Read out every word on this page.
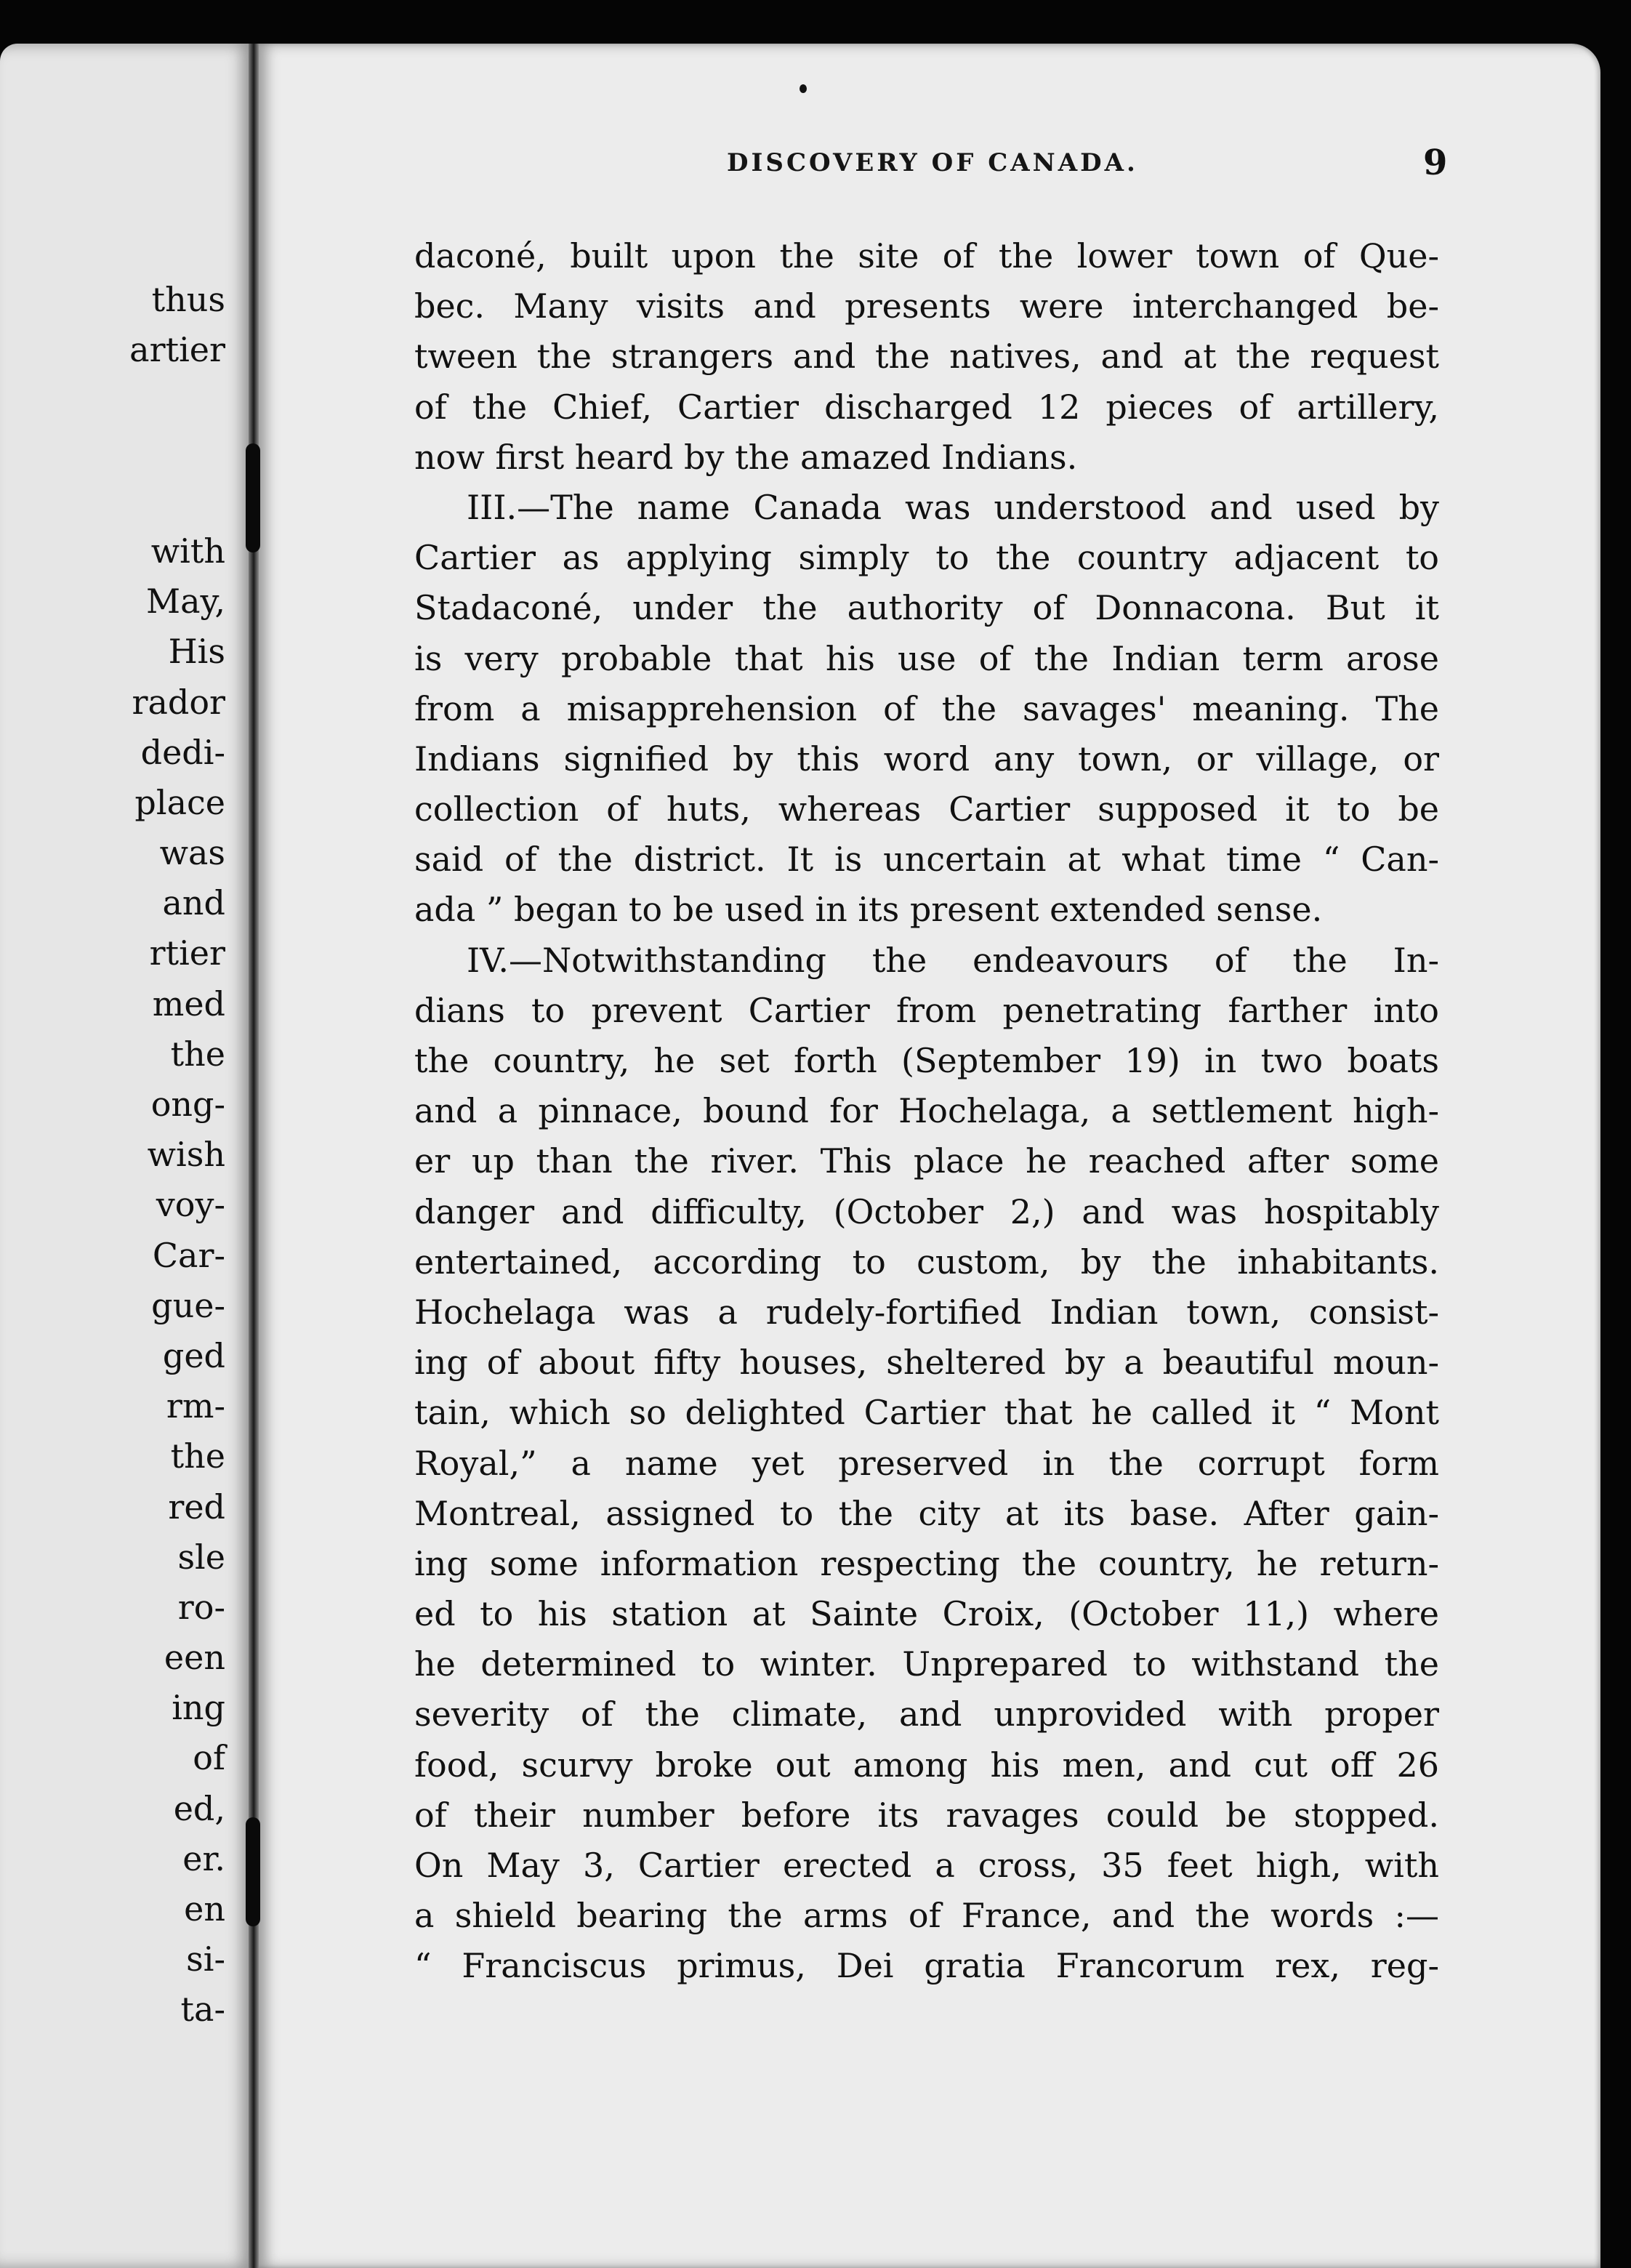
thus
artier
with
May,
His
rador
dedi-
place
was
and
rtier
med
the
ong-
wish
voy-
Car-
gue-
ged
rm-
the
red
sle
ro-
een
ing
of
ed,
er.
en
si-
ta-
DISCOVERY OF CANADA.	9
daconé, built upon the site of the lower town of Que-
bec. Many visits and presents were interchanged be-
tween the strangers and the natives, and at the request
of the Chief, Cartier discharged 12 pieces of artillery,
now first heard by the amazed Indians.
III.—The name Canada was understood and used by
Cartier as applying simply to the country adjacent to
Stadaconé, under the authority of Donnacona. But it
is very probable that his use of the Indian term arose
from a misapprehension of the savages' meaning. The
Indians signified by this word any town, or village, or
collection of huts, whereas Cartier supposed it to be
said of the district. It is uncertain at what time “ Can-
ada ” began to be used in its present extended sense.
IV.—Notwithstanding the endeavours of the In-
dians to prevent Cartier from penetrating farther into
the country, he set forth (September 19) in two boats
and a pinnace, bound for Hochelaga, a settlement high-
er up than the river. This place he reached after some
danger and difficulty, (October 2,) and was hospitably
entertained, according to custom, by the inhabitants.
Hochelaga was a rudely-fortified Indian town, consist-
ing of about fifty houses, sheltered by a beautiful moun-
tain, which so delighted Cartier that he called it “ Mont
Royal,” a name yet preserved in the corrupt form
Montreal, assigned to the city at its base. After gain-
ing some information respecting the country, he return-
ed to his station at Sainte Croix, (October 11,) where
he determined to winter. Unprepared to withstand the
severity of the climate, and unprovided with proper
food, scurvy broke out among his men, and cut off 26
of their number before its ravages could be stopped.
On May 3, Cartier erected a cross, 35 feet high, with
a shield bearing the arms of France, and the words :—
“ Franciscus primus, Dei gratia Francorum rex, reg-
